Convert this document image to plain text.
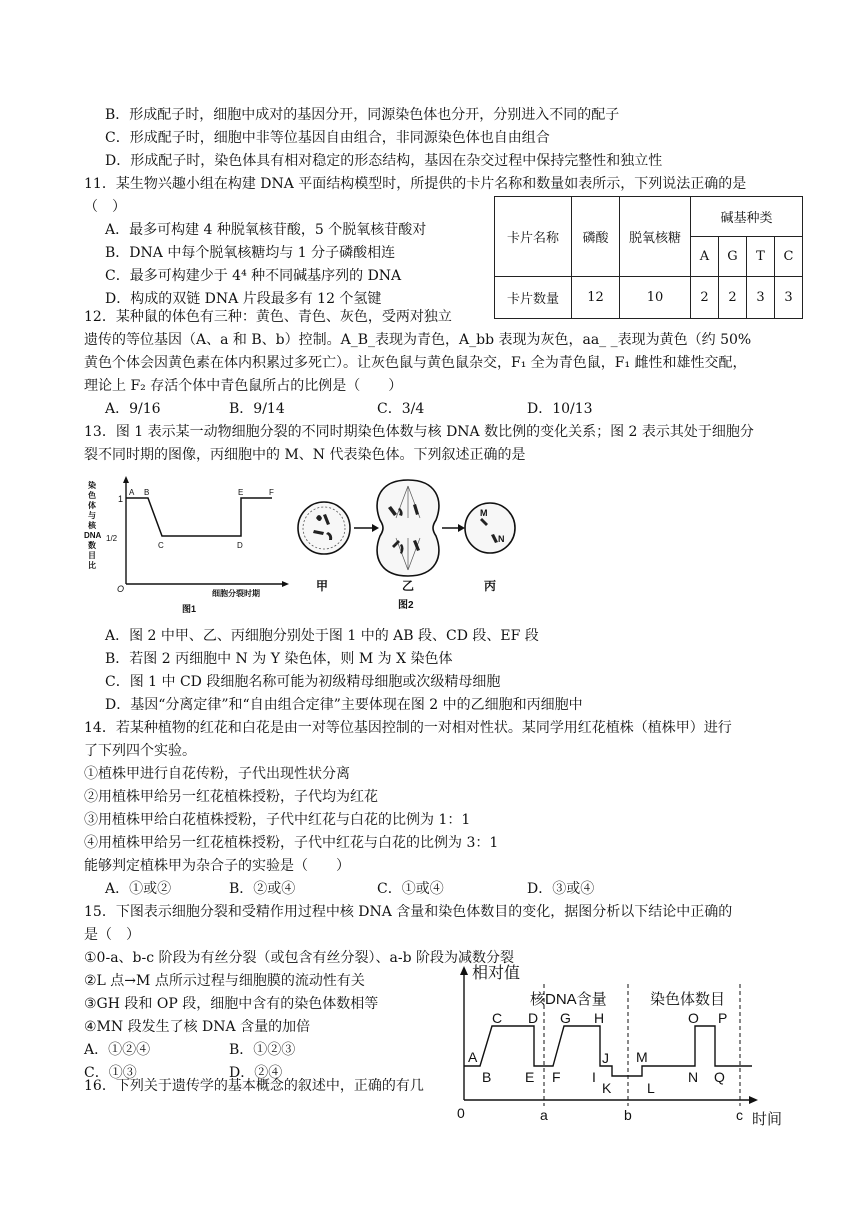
B．形成配子时，细胞中成对的基因分开，同源染色体也分开，分别进入不同的配子
C．形成配子时，细胞中非等位基因自由组合，非同源染色体也自由组合
D．形成配子时，染色体具有相对稳定的形态结构，基因在杂交过程中保持完整性和独立性
11．某生物兴趣小组在构建 DNA 平面结构模型时，所提供的卡片名称和数量如表所示，下列说法正确的是
（　）
A．最多可构建 4 种脱氧核苷酸，5 个脱氧核苷酸对
B．DNA 中每个脱氧核糖均与 1 分子磷酸相连
C．最多可构建少于 4⁴ 种不同碱基序列的 DNA
D．构成的双链 DNA 片段最多有 12 个氢键
卡片名称	磷酸	脱氧核糖	碱基种类			
			A	G	T	C
卡片数量	12	10	2	2	3	3
12．某种鼠的体色有三种：黄色、青色、灰色，受两对独立
遗传的等位基因（A、a 和 B、b）控制。A_B_表现为青色，A_bb 表现为灰色，aa_ _表现为黄色（约 50%
黄色个体会因黄色素在体内积累过多死亡）。让灰色鼠与黄色鼠杂交，F₁ 全为青色鼠，F₁ 雌性和雄性交配，
理论上 F₂ 存活个体中青色鼠所占的比例是（　　）
A．9/16	B．9/14	C．3/4	D．10/13
13．图 1 表示某一动物细胞分裂的不同时期染色体数与核 DNA 数比例的变化关系；图 2 表示其处于细胞分
裂不同时期的图像，丙细胞中的 M、N 代表染色体。下列叙述正确的是
染
色
体
与
核
DNA
数
目
比
1
1/2
O
A B
C	D
E	F
细胞分裂时期
图1
M
N
甲	乙	丙
图2
A．图 2 中甲、乙、丙细胞分别处于图 1 中的 AB 段、CD 段、EF 段
B．若图 2 丙细胞中 N 为 Y 染色体，则 M 为 X 染色体
C．图 1 中 CD 段细胞名称可能为初级精母细胞或次级精母细胞
D．基因“分离定律”和“自由组合定律”主要体现在图 2 中的乙细胞和丙细胞中
14．若某种植物的红花和白花是由一对等位基因控制的一对相对性状。某同学用红花植株（植株甲）进行
了下列四个实验。
①植株甲进行自花传粉，子代出现性状分离
②用植株甲给另一红花植株授粉，子代均为红花
③用植株甲给白花植株授粉，子代中红花与白花的比例为 1：1
④用植株甲给另一红花植株授粉，子代中红花与白花的比例为 3：1
能够判定植株甲为杂合子的实验是（　　）
A．①或②	B．②或④	C．①或④	D．③或④
15．下图表示细胞分裂和受精作用过程中核 DNA 含量和染色体数目的变化，据图分析以下结论中正确的
是（　）
①0-a、b-c 阶段为有丝分裂（或包含有丝分裂）、a-b 阶段为减数分裂
②L 点→M 点所示过程与细胞膜的流动性有关
③GH 段和 OP 段，细胞中含有的染色体数相等
④MN 段发生了核 DNA 含量的加倍
A．①②④	B．①②③
C．①③	D．②④
相对值
核DNA含量	染色体数目
A
B
C D
E F
G H
I
J
K	L
M
N
O P
Q
0	a	b	c 时间
16．下列关于遗传学的基本概念的叙述中，正确的有几
